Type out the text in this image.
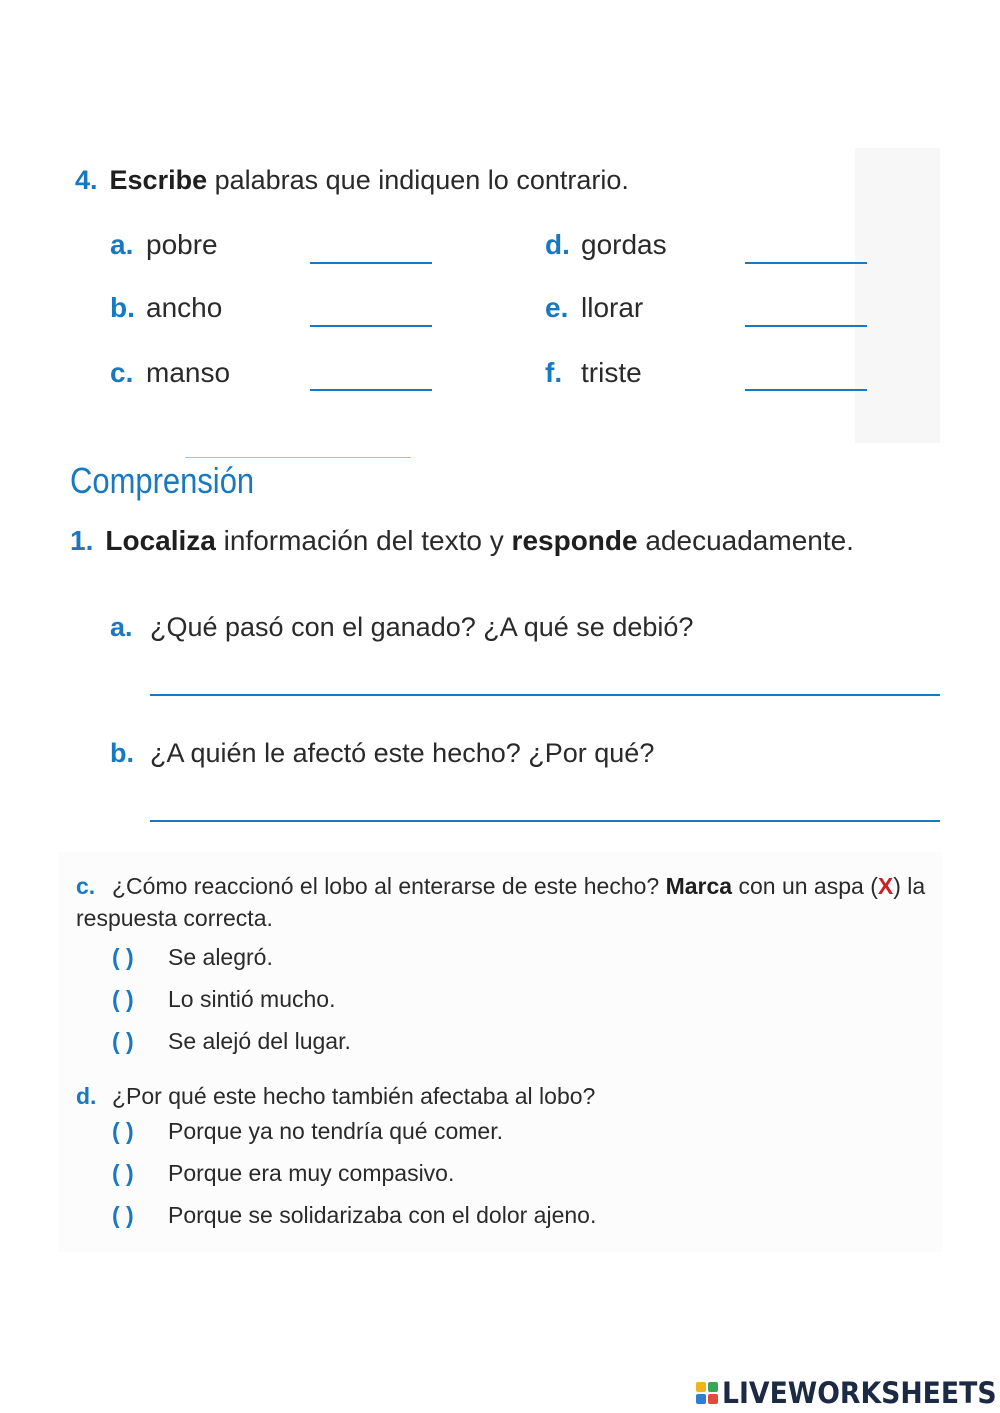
4. Escribe palabras que indiquen lo contrario.
a. pobre
b. ancho
c. manso
d. gordas
e. llorar
f. triste
Comprensión
1. Localiza información del texto y responde adecuadamente.
a. ¿Qué pasó con el ganado? ¿A qué se debió?
b. ¿A quién le afectó este hecho? ¿Por qué?
c. ¿Cómo reaccionó el lobo al enterarse de este hecho? Marca con un aspa (X) la respuesta correcta.
( ) Se alegró.
( ) Lo sintió mucho.
( ) Se alejó del lugar.
d. ¿Por qué este hecho también afectaba al lobo?
( ) Porque ya no tendría qué comer.
( ) Porque era muy compasivo.
( ) Porque se solidarizaba con el dolor ajeno.
LIVEWORKSHEETS
